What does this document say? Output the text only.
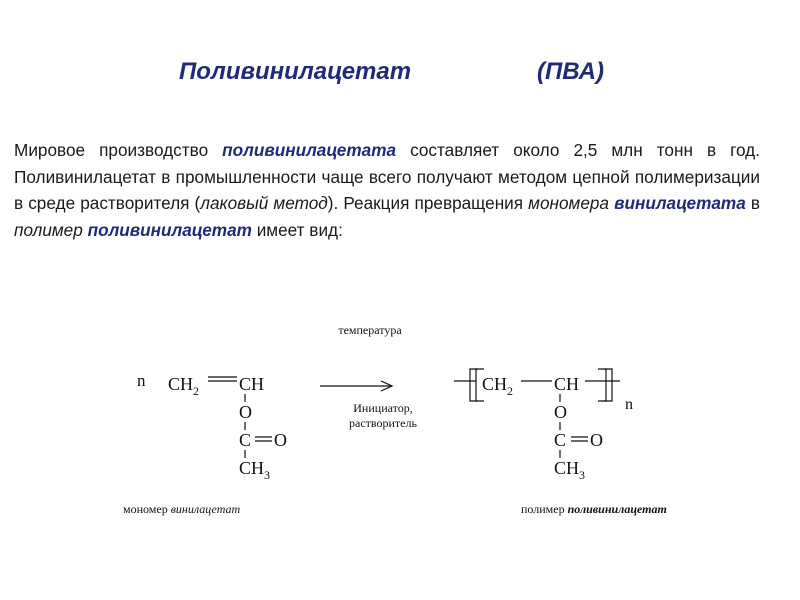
Поливинилацетат	(ПВА)
Мировое производство поливинилацетата составляет около 2,5 млн тонн в год. Поливинилацетат в промышленности чаще всего получают методом цепной полимеризации в среде растворителя (лаковый метод). Реакция превращения мономера винилацетата в полимер поливинилацетат имеет вид:
температура
n $CH_2$ CH
O
C O
$CH_3$
Инициатор,
растворитель
$CH_2$ CH
O
C O
$CH_3$
n
мономер винилацетат	полимер поливинилацетат
